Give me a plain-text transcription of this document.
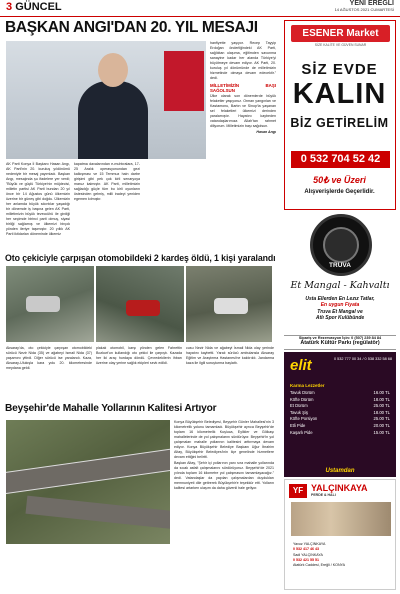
3 GÜNCEL	YENİ EREĞLİ
14 AĞUSTOS 2021 CUMARTESİ
BAŞKAN ANGI'DAN 20. YIL MESAJI

AK Parti Konya İl Başkanı Hasan Angı, AK Parti'nin 20. kuruluş yıldönümü nedeniyle bir mesaj yayımladı. Başkan Angı, mesajında şu ifadelere yer verdi; "Büyük ve güçlü Türkiye'nin müjdecisi, milletin partisi AK Parti bundan 20 yıl önce bir 14 Ağustos günü ülkemizin üzerine bir güneş gibi doğdu. Ülkemizin her anlamda büyük sıkıntılar yaşadığı bir dönemde iş başına gelen AK Parti, milletimizin büyük teveccühü ile girdiği her seçimde birinci parti olmuş, siyasi birliği sağlamış ve ülkemizi birçok yönden ileriye taşımıştır. 20 yıllık AK Parti iktidarları döneminde ülkemiz

kapatma davalarından e-muhtıralara, 17-25 Aralık operasyonundan gezi kalkışması ve 15 Temmuz hain darbe girişimi gibi pek çok kirli senaryoya maruz kalmıştır. AK Parti, milletimizin sağladığı güçle tüm bu kirli oyunların üstesinden gelmiş, milli iradeyi yeniden egemen kılmıştır.

hanfiyette yaşıyor. Recep Tayyip Erdoğan önderliğindeki AK Parti, sağlıktan ulaşıma, eğitimden savunma sanayine kadar her alanda Türkiye'yi büyütmeye devam ediyor. AK Parti, 20. kuruluş yıl dönümünde de milletimizin hizmetinde olmaya devam edecektir." dedi.

MİLLETİMİZİN BAŞI SAĞOLSUN

Ülke olarak son dönemlerde büyük felaketler yaşıyoruz. Orman yangınları ve Kastamonu, Bartın ve Sinop'ta yaşanan sel felaketleri ülkemizi derinden yaralamıştır. Hayatını kaybeden vatandaşlarımıza Allah'tan rahmet diliyorum. Milletimizin başı sağolsun.

Hasan Angı

Oto çekiciyle çarpışan otomobildeki 2 kardeş öldü, 1 kişi yaralandı

Aksaray'da, oto çekiciyle çarpışan otomobildeki sürücü Nezir Nida (35) ve ağabeyi Ismail Nida (37) yaşamını yitirdi. Diğer sürücü ise yaralandı. Kaza, Aksaray-Ulukışla kara yolu 20. kilometresinde meydana geldi.

plakalı otomobil, karşı yönden gelen Fahrettin Bozkurt'un kullandığı oto çekici ile çarpıştı. Kazada her iki araç hurdaya döndü. Çevredekilerin ihbarı üzerine olay yerine sağlık ekipleri sevk edildi.

cusu Nezir Nida ve ağabeyi İsmail Nida olay yerinde hayatını kaybetti. Yaralı sürücü ambulansla Aksaray Eğitim ve Araştırma Hastanesi'ne kaldırıldı. Jandarma kaza ile ilgili soruşturma başlattı.

Beyşehir'de Mahalle Yollarının Kalitesi Artıyor

Konya Büyükşehir Belediyesi, Beyşehir Günler Mahallesi'nin 3 kilometrelik yolunu tamamladı. Büyükşehir ayrıca Beyşehir'de toplam 16 kilometrelik Kuşluca, Eylikler ve Gölkaşı mahallelerinde de yol çalışmalarını sürdürüyor. Beyşehir'in yol çalışmaları mahalle yollarının kalitesini arttırmaya devam ediyor. Konya Büyükşehir Belediye Başkanı Uğur İbrahim Altay, Büyükşehir Belediyesi'nin ilçe genelinde hizmetlere devam ettiğini belirtti.

Başkan Altay, "Şehir içi yollarının yanı sıra mahalle yollarında da sıcak asfalt çalışmalarını sürdürüyoruz. Beyşehir'de 2021 yılında toplam 16 kilometre yol çalışmasını tamamlayacağız." dedi. Vatandaşlar da yapılan çalışmalardan duydukları memnuniyeti dile getirerek Büyükşehir'e teşekkür etti. Yolların kalitesi artarken ulaşım da daha güvenli hale geliyor.

ESENER Market
SİZE KALİTE VE GÜVEN SUNAR
SİZ EVDE
KALIN
BİZ GETİRELİM
0 532 704 52 42
50₺ ve Üzeri
Alışverişlerde Geçerlidir.
TRUVA
Et Mangal - Kahvaltı
Usta Ellerden En Lezız Tatlar,
En uygun Fiyata
Truva Et Mangal ve
Atlı Spor Kulübünde
Sipariş ve Rezervasyon İçin: 0 (507) 239 84 84
Atatürk Kültür Parkı (regülatör)
elit	0 532 777 00 34 / 0 538 332 58 68
Karma Lezzetler
Tavuk Dürüm	16.00 TL
Köfte Dürüm	18.00 TL
Et Dürüm	25.00 TL
Tavuk Şiş	18.00 TL
Köfte Porsiyon	25.00 TL
Etli Pide	20.00 TL
Kaşarlı Pide	15.00 TL
Ustamdan
YF YALÇINKAYA
PERDE & HALI
Yavuz YALÇINKAYA
0 532 417 46 43
Sadi YALÇINKAYA
0 532 421 55 51
Atatürk Caddesi, Ereğli / KONYA
